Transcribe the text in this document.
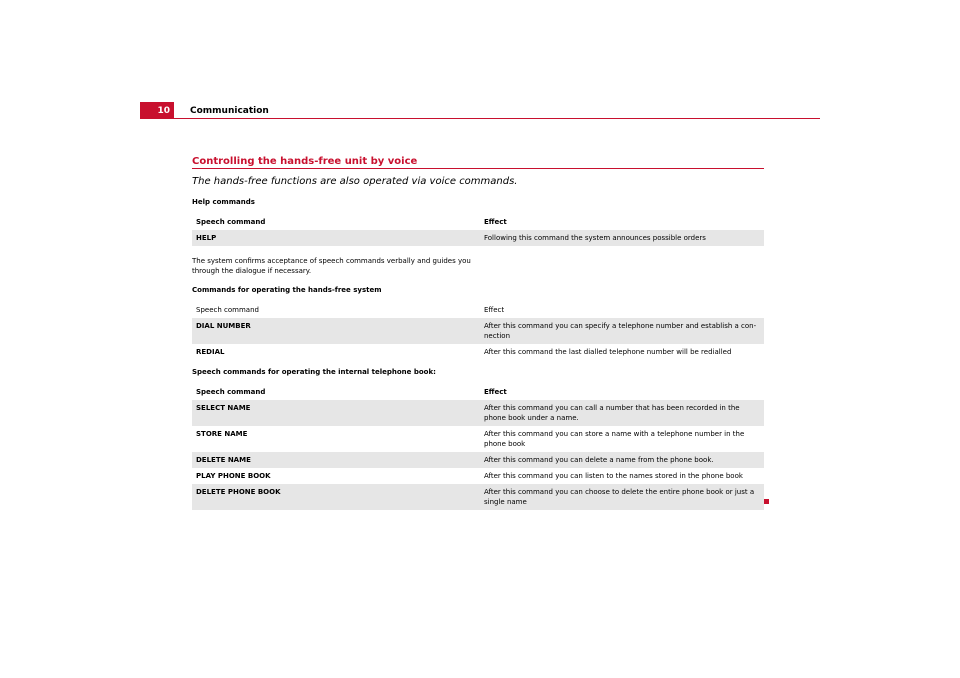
10	Communication
Controlling the hands-free unit by voice
The hands-free functions are also operated via voice commands.
Help commands
Speech command	Effect
HELP	Following this command the system announces possible orders
The system confirms acceptance of speech commands verbally and guides you through the dialogue if necessary.
Commands for operating the hands-free system
Speech command	Effect
DIAL NUMBER	After this command you can specify a telephone number and establish a con-nection
REDIAL	After this command the last dialled telephone number will be redialled
Speech commands for operating the internal telephone book:
Speech command	Effect
SELECT NAME	After this command you can call a number that has been recorded in the phone book under a name.
STORE NAME	After this command you can store a name with a telephone number in the phone book
DELETE NAME	After this command you can delete a name from the phone book.
PLAY PHONE BOOK	After this command you can listen to the names stored in the phone book
DELETE PHONE BOOK	After this command you can choose to delete the entire phone book or just a single name
